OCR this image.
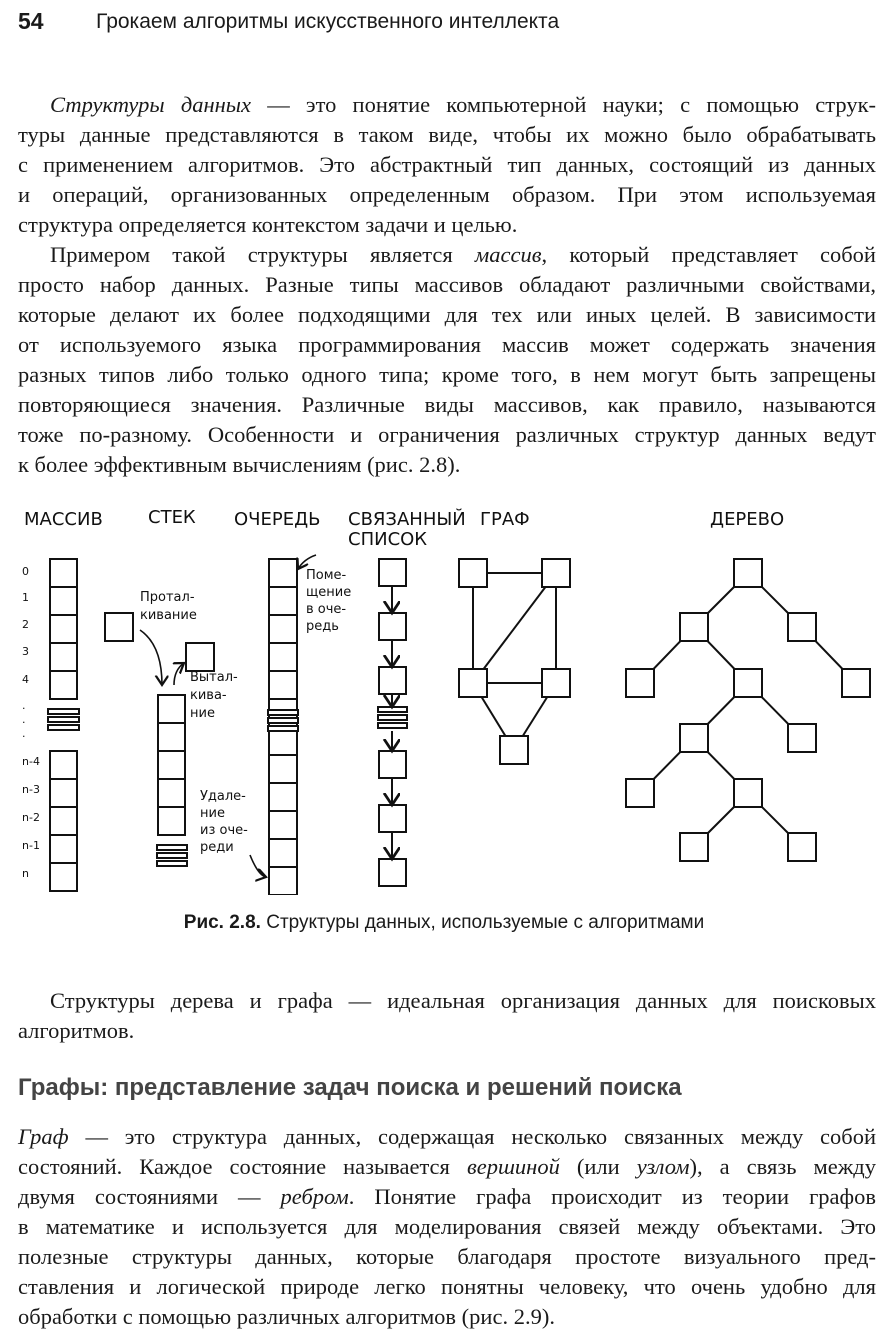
54 Грокаем алгоритмы искусственного интеллекта
Структуры данных — это понятие компьютерной науки; с помощью струк-
туры данные представляются в таком виде, чтобы их можно было обрабатывать
с применением алгоритмов. Это абстрактный тип данных, состоящий из данных
и операций, организованных определенным образом. При этом используемая
структура определяется контекстом задачи и целью.
Примером такой структуры является массив, который представляет собой
просто набор данных. Разные типы массивов обладают различными свойствами,
которые делают их более подходящими для тех или иных целей. В зависимости
от используемого языка программирования массив может содержать значения
разных типов либо только одного типа; кроме того, в нем могут быть запрещены
повторяющиеся значения. Различные виды массивов, как правило, называются
тоже по-разному. Особенности и ограничения различных структур данных ведут
к более эффективным вычислениям (рис. 2.8).
МАССИВ	СТЕК ОЧЕРЕДЬ СВЯЗАННЫЙ
СПИСОК
ГРАФ	ДЕРЕВО
Протал-
кивание
Вытал-
кива-
ние
Поме-
щение
в оче-
редь
Удале-
ние
из оче-
реди
0
1
2
3
4
.
.
.
n-4
n-3
n-2
n-1
n
Рис. 2.8. Структуры данных, используемые с алгоритмами
Структуры дерева и графа — идеальная организация данных для поисковых
алгоритмов.
Графы: представление задач поиска и решений поиска
Граф — это структура данных, содержащая несколько связанных между собой
состояний. Каждое состояние называется вершиной (или узлом), а связь между
двумя состояниями — ребром. Понятие графа происходит из теории графов
в математике и используется для моделирования связей между объектами. Это
полезные структуры данных, которые благодаря простоте визуального пред-
ставления и логической природе легко понятны человеку, что очень удобно для
обработки с помощью различных алгоритмов (рис. 2.9).
